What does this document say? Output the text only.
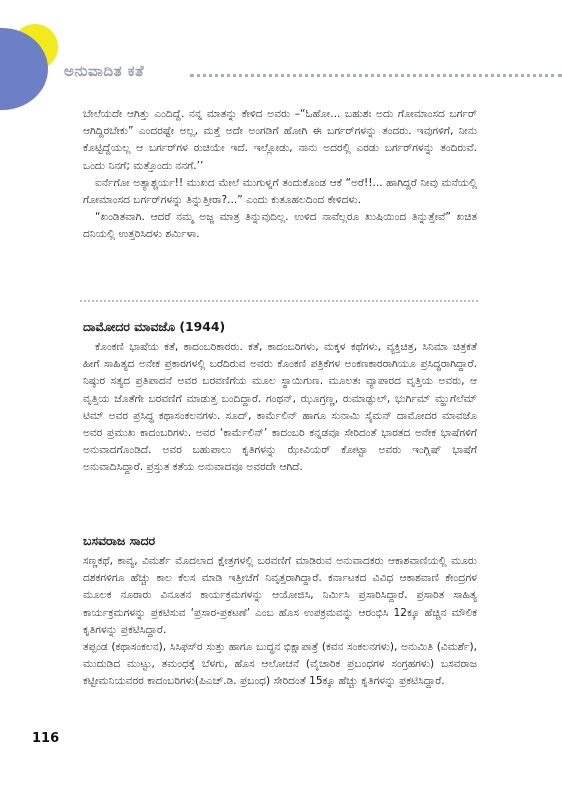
ಅನುವಾದಿತ ಕತೆ

ಬೇಲೆಯದೇ ಆಗಿತ್ತು ಎಂದಿದ್ದೆ. ನನ್ನ ಮಾತನ್ನು ಕೇಳಿದ ಅವರು –“ಓಹೋ... ಬಹುಶಃ ಅದು ಗೋಮಾಂಸದ ಬರ್ಗರ್ ಆಗಿದ್ದಿರಬೇಕು” ಎಂದರಷ್ಟೇ ಅಲ್ಲ, ಮತ್ತೆ ಅದೇ ಅಂಗಡಿಗೆ ಹೋಗಿ ಈ ಬರ್ಗರ್‌ಗಳನ್ನು ತಂದರು. ಇವುಗಳಿಗೆ, ನೀನು ಕೊಟ್ಟಿದ್ದೆಯಲ್ಲ ಆ ಬರ್ಗರ್‌ಗಳ ರುಚಿಯೇ ಇದೆ. ಇಲ್ಲೋಡು, ನಾನು ಅದರಲ್ಲಿ ಎರಡು ಬರ್ಗರ್‌ಗಳನ್ನು ತಂದಿರುವೆ. ಒಂದು ನಿನಗೆ; ಮತ್ತೊಂದು ನನಗೆ.’’

ಐರ್ನೆಗೋ ಅತ್ಯಾಶ್ಚರ್ಯ!! ಮುಖದ ಮೇಲೆ ಮುಗುಳ್ನಗೆ ತಂದುಕೊಂಡ ಆಕೆ “ಅರೆ!!... ಹಾಗಿದ್ದರೆ ನೀವು ಮನೆಯಲ್ಲಿ ಗೋಮಾಂಸದ ಬರ್ಗರ್‌ಗಳನ್ನು ತಿನ್ನುತ್ತೀರಾ?...” ಎಂದು ಕುತೂಹಲದಿಂದ ಕೇಳಿದಳು.

“ಖಂಡಿತವಾಗಿ. ಆದರೆ ನಮ್ಮ ಅಜ್ಜ ಮಾತ್ರ ತಿನ್ನುವುದಿಲ್ಲ. ಉಳಿದ ನಾವೆಲ್ಲರೂ ಖುಷಿಯಿಂದ ತಿನ್ನುತ್ತೇವೆ” ಖಚಿತ ದನಿಯಲ್ಲಿ ಉತ್ತರಿಸಿದಳು ಶರ್ಮಿಳಾ.

ದಾಮೋದರ ಮಾವಜೊ (1944)

ಕೊಂಕಣಿ ಭಾಷೆಯ ಕತೆ, ಕಾದಂಬರಿಕಾರರು. ಕತೆ, ಕಾದಂಬರಿಗಳು, ಮಕ್ಕಳ ಕಥೆಗಳು, ವ್ಯಕ್ತಿಚಿತ್ರ, ಸಿನಿಮಾ ಚಿತ್ರಕತೆ ಹೀಗೆ ಸಾಹಿತ್ಯದ ಅನೇಕ ಪ್ರಕಾರಗಳಲ್ಲಿ ಬರೆದಿರುವ ಅವರು ಕೊಂಕಣಿ ಪತ್ರಿಕೆಗಳ ಅಂಕಣಕಾರರಾಗಿಯೂ ಪ್ರಸಿದ್ಧರಾಗಿದ್ದಾರೆ. ನಿಷ್ಠುರ ಸತ್ಯದ ಪ್ರತಿಪಾದನೆ ಅವರ ಬರವಣಿಗೆಯ ಮೂಲ ಸ್ಥಾಯಿಗುಣ. ಮೂಲತಃ ವ್ಯಾಪಾರದ ವೃತ್ತಿಯ ಅವರು, ಆ ವೃತ್ತಿಯ ಜೊತೆಗೇ ಬರವಣಿಗೆ ಮಾಡುತ್ತ ಬಂದಿದ್ದಾರೆ. ಗಂಥನ್, ಝೂಗ್ರಣ್ಣ, ರುಮಾಡ್ಫುಲ್, ಭುರ್ಗಿಮ್ ಮ್ಹುಗೆಲೆಮ್ ಟಿಮ್ ಅವರ ಪ್ರಸಿದ್ಧ ಕಥಾಸಂಕಲನಗಳು. ಸೂದ್, ಕಾರ್ಮೆಲಿನ್ ಹಾಗೂ ಸುನಾಮಿ ಸೈಮನ್ ದಾಮೋದರ ಮಾವಜೊ ಅವರ ಪ್ರಮುಖ ಕಾದಂಬರಿಗಳು. ಅವರ ‘ಕಾರ್ಮೆಲಿನ್’ ಕಾದಂಬರಿ ಕನ್ನಡವೂ ಸೇರಿದಂತೆ ಭಾರತದ ಅನೇಕ ಭಾಷೆಗಳಿಗೆ ಅನುವಾದಗೊಂಡಿದೆ. ಅವರ ಬಹುಪಾಲು ಕೃತಿಗಳನ್ನು ಝೇವಿಯರ್ ಕೋಟ್ಟಾ ಅವರು ಇಂಗ್ಲಿಷ್ ಭಾಷೆಗೆ ಅನುವಾದಿಸಿದ್ದಾರೆ. ಪ್ರಸ್ತುತ ಕತೆಯ ಅನುವಾದವೂ ಅವರದೇ ಆಗಿದೆ.

ಬಸವರಾಜ ಸಾದರ

ಸಣ್ಣಕಥೆ, ಕಾವ್ಯ, ವಿಮರ್ಶೆ ಮೊದಲಾದ ಕ್ಷೇತ್ರಗಳಲ್ಲಿ ಬರವಣಿಗೆ ಮಾಡಿರುವ ಅನುವಾದಕರು ಆಕಾಶವಾಣಿಯಲ್ಲಿ ಮೂರು ದಶಕಗಳಿಗೂ ಹೆಚ್ಚು ಕಾಲ ಕೆಲಸ ಮಾಡಿ ಇತ್ತೀಚೆಗೆ ನಿವೃತ್ತರಾಗಿದ್ದಾರೆ. ಕರ್ನಾಟಕದ ವಿವಿಧ ಆಕಾಶವಾಣಿ ಕೇಂದ್ರಗಳ ಮೂಲಕ ನೂರಾರು ವಿನೂತನ ಕಾರ್ಯಕ್ರಮಗಳನ್ನು ಆಯೋಜಿಸಿ, ನಿರ್ಮಿಸಿ ಪ್ರಸಾರಿಸಿದ್ದಾರೆ. ಪ್ರಸಾರಿತ ಸಾಹಿತ್ಯ ಕಾರ್ಯಕ್ರಮಗಳನ್ನು ಪ್ರಕಟಿಸುವ ‘ಪ್ರಸಾರ-ಪ್ರಕಟಣೆ’ ಎಂಬ ಹೊಸ ಉಪಕ್ರಮವನ್ನು ಆರಂಭಿಸಿ 12ಕ್ಕೂ ಹೆಚ್ಚಿನ ಮೌಲಿಕ ಕೃತಿಗಳನ್ನು ಪ್ರಕಟಿಸಿದ್ದಾರೆ.

ತಪ್ಪಂಡ (ಕಥಾಸಂಕಲನ), ಸಿಸಿಫಸ್‌ರ ಸುತ್ತು ಹಾಗೂ ಬುದ್ಧನ ಭಿಕ್ಷಾಪಾತ್ರೆ (ಕವನ ಸಂಕಲನಗಳು), ಅನುಮಿತಿ (ವಿಮರ್ಶೆ), ಮುದುಡಿದ ಮುಟ್ಟು, ತಮಂಧಕ್ಕೆ ಬೆಳಗು, ಹೊಸ ಆಲೋಚನೆ (ವೈಚಾರಿಕ ಪ್ರಬಂಧಗಳ ಸಂಗ್ರಹಗಳು) ಬಸವರಾಜ ಕಟ್ಟೀಮನಿಯವರರ ಕಾದಂಬರಿಗಳು(ಪಿಎಚ್.ಡಿ. ಪ್ರಬಂಧ) ಸೇರಿದಂತೆ 15ಕ್ಕೂ ಹೆಚ್ಚು ಕೃತಿಗಳನ್ನು ಪ್ರಕಟಿಸಿದ್ದಾರೆ.

116
